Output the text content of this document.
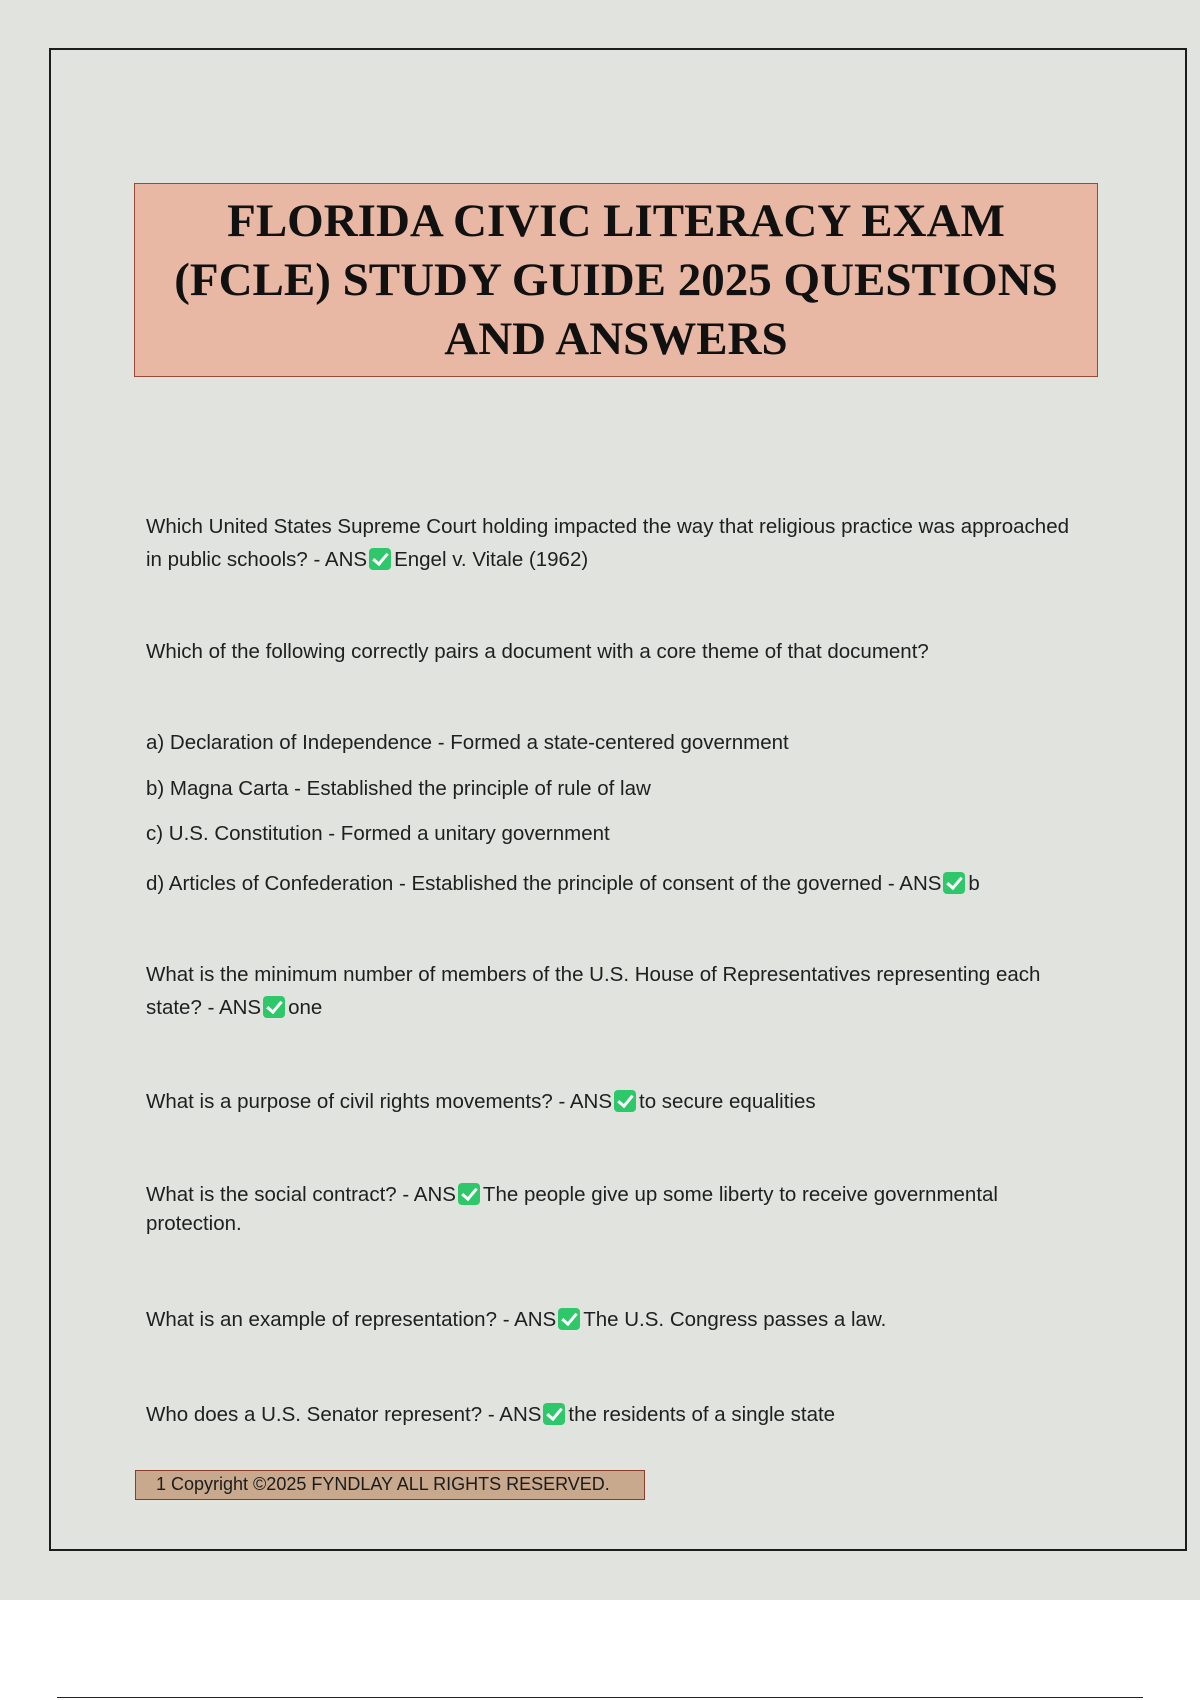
FLORIDA CIVIC LITERACY EXAM
(FCLE) STUDY GUIDE 2025 QUESTIONS
AND ANSWERS

Which United States Supreme Court holding impacted the way that religious practice was approached in public schools? - ANS Engel v. Vitale (1962)

Which of the following correctly pairs a document with a core theme of that document?

a) Declaration of Independence - Formed a state-centered government

b) Magna Carta - Established the principle of rule of law

c) U.S. Constitution - Formed a unitary government

d) Articles of Confederation - Established the principle of consent of the governed - ANS b

What is the minimum number of members of the U.S. House of Representatives representing each state? - ANS one

What is a purpose of civil rights movements? - ANS to secure equalities

What is the social contract? - ANS The people give up some liberty to receive governmental protection.

What is an example of representation? - ANS The U.S. Congress passes a law.

Who does a U.S. Senator represent? - ANS the residents of a single state

1 Copyright ©2025 FYNDLAY ALL RIGHTS RESERVED.
